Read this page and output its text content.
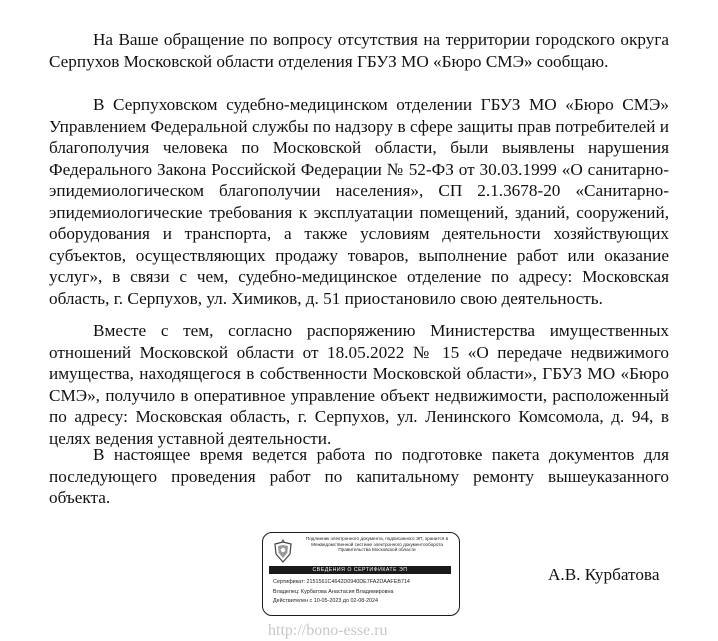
На Ваше обращение по вопросу отсутствия на территории городского округа Серпухов Московской области отделения ГБУЗ МО «Бюро СМЭ» сообщаю.

В Серпуховском судебно-медицинском отделении ГБУЗ МО «Бюро СМЭ» Управлением Федеральной службы по надзору в сфере защиты прав потребителей и благополучия человека по Московской области, были выявлены нарушения Федерального Закона Российской Федерации № 52-ФЗ от 30.03.1999 «О санитарно-эпидемиологическом благополучии населения», СП 2.1.3678-20 «Санитарно-эпидемиологические требования к эксплуатации помещений, зданий, сооружений, оборудования и транспорта, а также условиям деятельности хозяйствующих субъектов, осуществляющих продажу товаров, выполнение работ или оказание услуг», в связи с чем, судебно-медицинское отделение по адресу: Московская область, г. Серпухов, ул. Химиков, д. 51 приостановило свою деятельность.

Вместе с тем, согласно распоряжению Министерства имущественных отношений Московской области от 18.05.2022 № 15 «О передаче недвижимого имущества, находящегося в собственности Московской области», ГБУЗ МО «Бюро СМЭ», получило в оперативное управление объект недвижимости, расположенный по адресу: Московская область, г. Серпухов, ул. Ленинского Комсомола, д. 94, в целях ведения уставной деятельности.

В настоящее время ведется работа по подготовке пакета документов для последующего проведения работ по капитальному ремонту вышеуказанного объекта.

Подлинник электронного документа, подписанного ЭП, хранится в Межведомственной системе электронного документооборота Правительства Московской области
СВЕДЕНИЯ О СЕРТИФИКАТЕ ЭП
Сертификат: 2151561C4642D0940DE7FA2DAAFEB714
Владелец: Курбатова Анастасия Владимировна
Действителен с 10-05-2023 до 02-08-2024
А.В. Курбатова
http://bono-esse.ru
